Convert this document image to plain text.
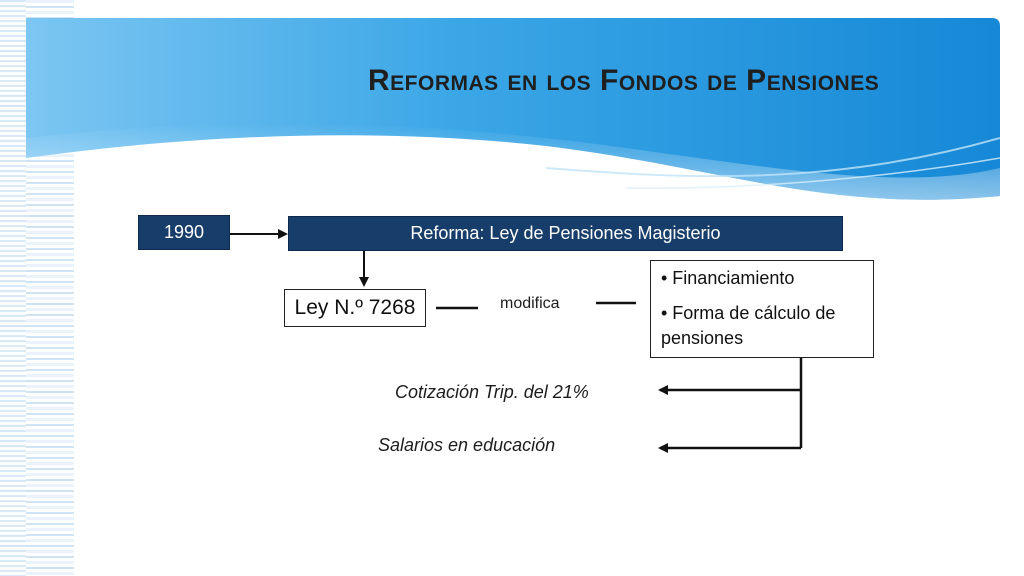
Reformas en los Fondos de Pensiones
1990	Reforma: Ley de Pensiones Magisterio
Ley N.º 7268	modifica
• Financiamiento
• Forma de cálculo de pensiones
Cotización Trip. del 21%
Salarios en educación
